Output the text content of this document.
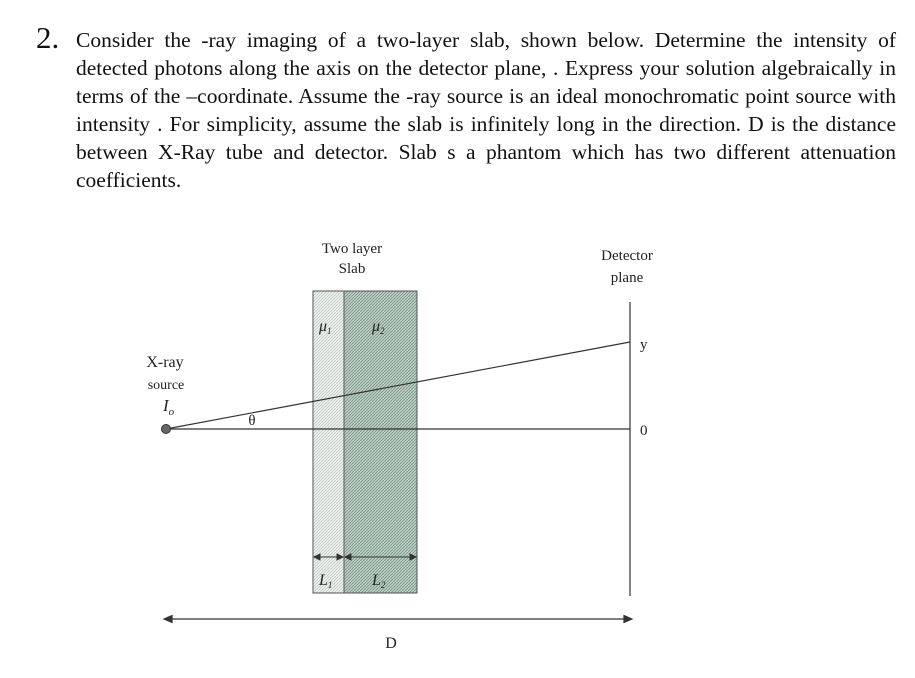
2. Consider the -ray imaging of a two-layer slab, shown below. Determine the intensity of detected photons along the axis on the detector plane, . Express your solution algebraically in terms of the –coordinate. Assume the -ray source is an ideal monochromatic point source with intensity . For simplicity, assume the slab is infinitely long in the direction. D is the distance between X-Ray tube and detector. Slab s a phantom which has two different attenuation coefficients.
Two layer
Slab
Detector
plane
X-ray
source
$I_o$
θ
μ1	μ2
L1 L2
y
0
D
